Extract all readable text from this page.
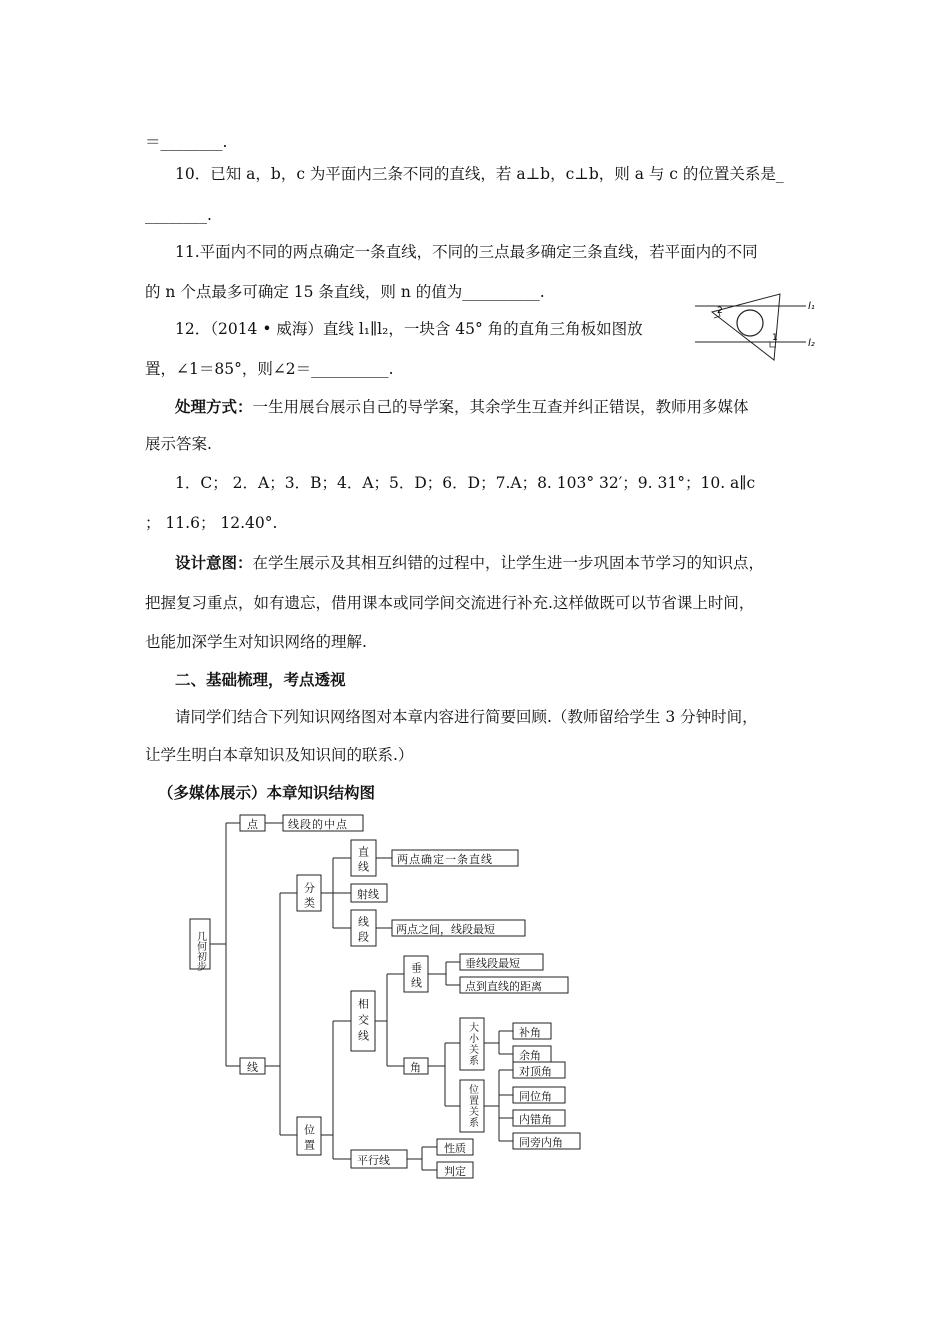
＝________.
10．已知 a，b，c 为平面内三条不同的直线，若 a⊥b，c⊥b，则 a 与 c 的位置关系是_
________.
11.平面内不同的两点确定一条直线，不同的三点最多确定三条直线，若平面内的不同
的 n 个点最多可确定 15 条直线，则 n 的值为__________.
12．（2014 • 威海）直线 l₁∥l₂，一块含 45° 角的直角三角板如图放
置，∠1＝85°，则∠2＝__________.
2
1
l₁
l₂
处理方式：一生用展台展示自己的导学案，其余学生互查并纠正错误，教师用多媒体
展示答案.
1．C； 2．A；3．B；4．A；5．D；6．D；7.A；8. 103° 32′；9. 31°；10. a∥c
； 11.6； 12.40°.
设计意图：在学生展示及其相互纠错的过程中，让学生进一步巩固本节学习的知识点，
把握复习重点，如有遗忘，借用课本或同学间交流进行补充.这样做既可以节省课上时间，
也能加深学生对知识网络的理解.
二、基础梳理，考点透视
请同学们结合下列知识网络图对本章内容进行简要回顾.（教师留给学生 3 分钟时间，
让学生明白本章知识及知识间的联系.）
（多媒体展示）本章知识结构图
几何初步
分类
直线
线段
位置
相交线
垂线
大小关系
位置关系
点	线段的中点
线
两点确定一条直线
射线
两点之间，线段最短
垂线段最短
点到直线的距离
角
补角
余角
对顶角
同位角
内错角
同旁内角
平行线
性质
判定
